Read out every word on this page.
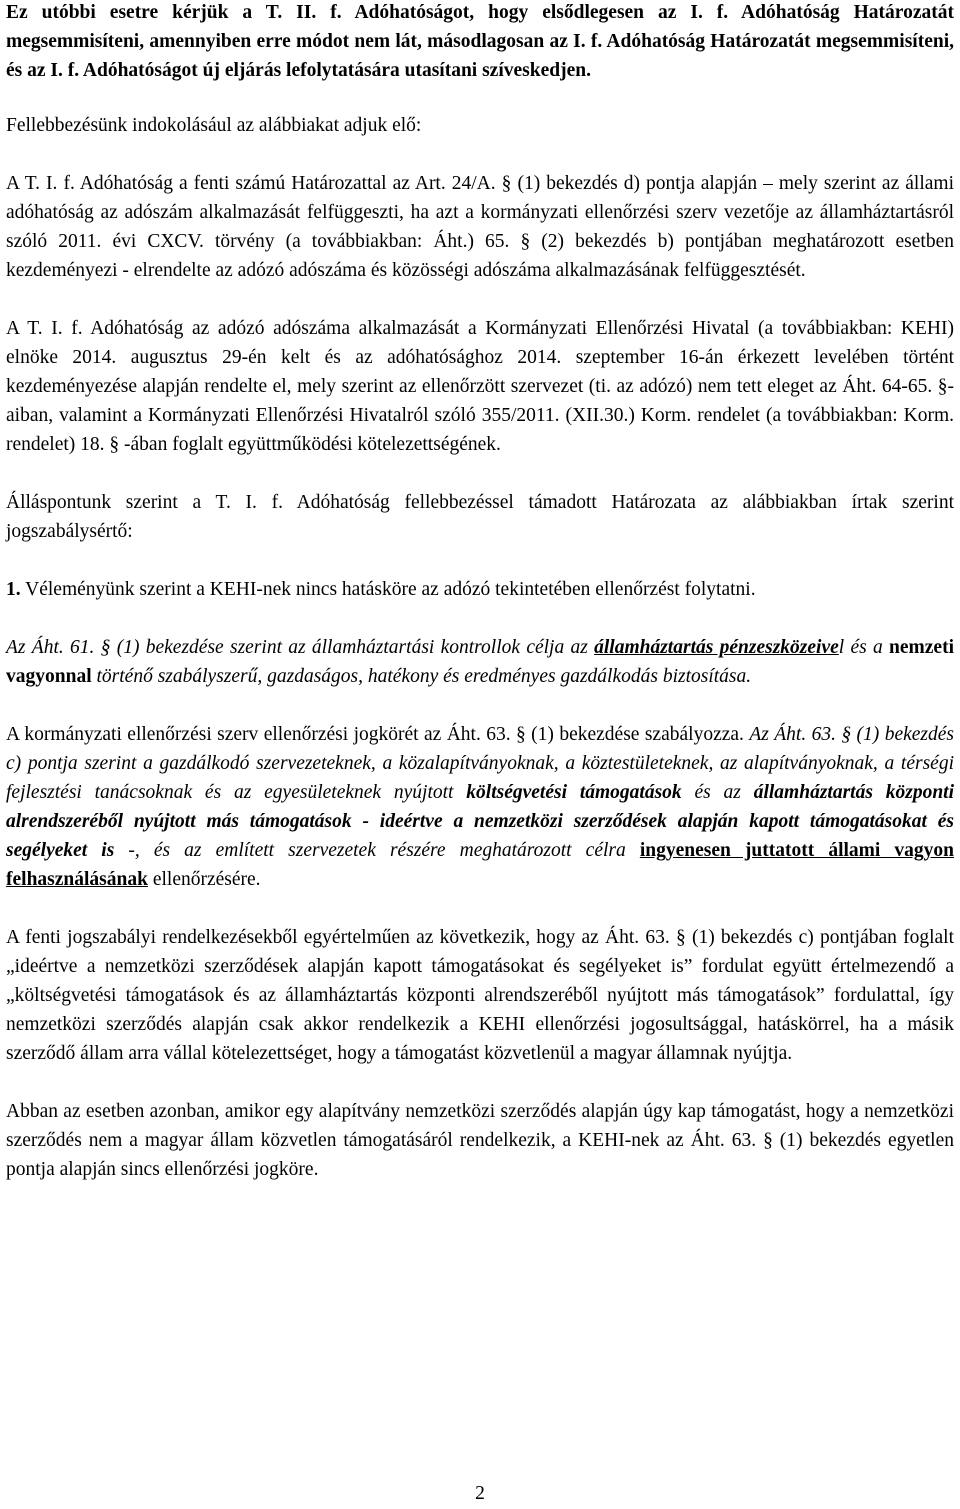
Ez utóbbi esetre kérjük a T. II. f. Adóhatóságot, hogy elsődlegesen az I. f. Adóhatóság Határozatát megsemmisíteni, amennyiben erre módot nem lát, másodlagosan az I. f. Adóhatóság Határozatát megsemmisíteni, és az I. f. Adóhatóságot új eljárás lefolytatására utasítani szíveskedjen.

Fellebbezésünk indokolásául az alábbiakat adjuk elő:

A T. I. f. Adóhatóság a fenti számú Határozattal az Art. 24/A. § (1) bekezdés d) pontja alapján – mely szerint az állami adóhatóság az adószám alkalmazását felfüggeszti, ha azt a kormányzati ellenőrzési szerv vezetője az államháztartásról szóló 2011. évi CXCV. törvény (a továbbiakban: Áht.) 65. § (2) bekezdés b) pontjában meghatározott esetben kezdeményezi - elrendelte az adózó adószáma és közösségi adószáma alkalmazásának felfüggesztését.

A T. I. f. Adóhatóság az adózó adószáma alkalmazását a Kormányzati Ellenőrzési Hivatal (a továbbiakban: KEHI) elnöke 2014. augusztus 29-én kelt és az adóhatósághoz 2014. szeptember 16-án érkezett levelében történt kezdeményezése alapján rendelte el, mely szerint az ellenőrzött szervezet (ti. az adózó) nem tett eleget az Áht. 64-65. §-aiban, valamint a Kormányzati Ellenőrzési Hivatalról szóló 355/2011. (XII.30.) Korm. rendelet (a továbbiakban: Korm. rendelet) 18. § -ában foglalt együttműködési kötelezettségének.

Álláspontunk szerint a T. I. f. Adóhatóság fellebbezéssel támadott Határozata az alábbiakban írtak szerint jogszabálysértő:

1. Véleményünk szerint a KEHI-nek nincs hatásköre az adózó tekintetében ellenőrzést folytatni.

Az Áht. 61. § (1) bekezdése szerint az államháztartási kontrollok célja az államháztartás pénzeszközeivel és a nemzeti vagyonnal történő szabályszerű, gazdaságos, hatékony és eredményes gazdálkodás biztosítása.

A kormányzati ellenőrzési szerv ellenőrzési jogkörét az Áht. 63. § (1) bekezdése szabályozza. Az Áht. 63. § (1) bekezdés c) pontja szerint a gazdálkodó szervezeteknek, a közalapítványoknak, a köztestületeknek, az alapítványoknak, a térségi fejlesztési tanácsoknak és az egyesületeknek nyújtott költségvetési támogatások és az államháztartás központi alrendszeréből nyújtott más támogatások - ideértve a nemzetközi szerződések alapján kapott támogatásokat és segélyeket is -, és az említett szervezetek részére meghatározott célra ingyenesen juttatott állami vagyon felhasználásának ellenőrzésére.

A fenti jogszabályi rendelkezésekből egyértelműen az következik, hogy az Áht. 63. § (1) bekezdés c) pontjában foglalt „ideértve a nemzetközi szerződések alapján kapott támogatásokat és segélyeket is” fordulat együtt értelmezendő a „költségvetési támogatások és az államháztartás központi alrendszeréből nyújtott más támogatások” fordulattal, így nemzetközi szerződés alapján csak akkor rendelkezik a KEHI ellenőrzési jogosultsággal, hatáskörrel, ha a másik szerződő állam arra vállal kötelezettséget, hogy a támogatást közvetlenül a magyar államnak nyújtja.

Abban az esetben azonban, amikor egy alapítvány nemzetközi szerződés alapján úgy kap támogatást, hogy a nemzetközi szerződés nem a magyar állam közvetlen támogatásáról rendelkezik, a KEHI-nek az Áht. 63. § (1) bekezdés egyetlen pontja alapján sincs ellenőrzési jogköre.

2
